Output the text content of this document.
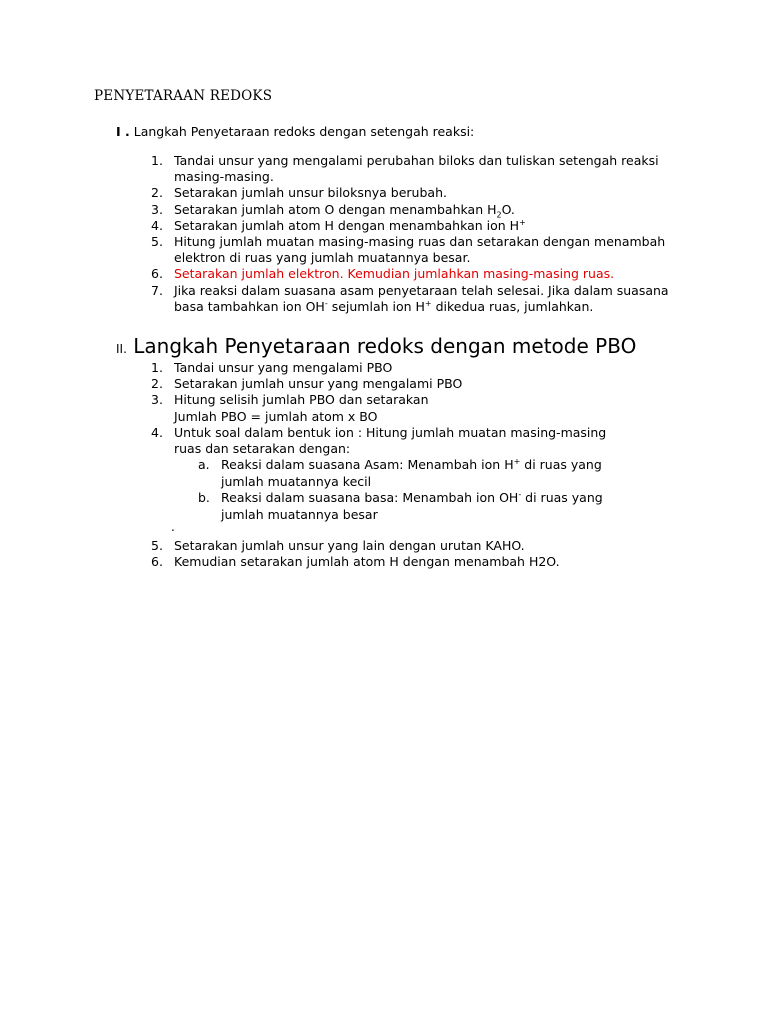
PENYETARAAN REDOKS
I . Langkah Penyetaraan redoks dengan setengah reaksi:
1. Tandai unsur yang mengalami perubahan biloks dan tuliskan setengah reaksi masing-masing.
2. Setarakan jumlah unsur biloksnya berubah.
3. Setarakan jumlah atom O dengan menambahkan $H_2O$.
4. Setarakan jumlah atom H dengan menambahkan ion H+
5. Hitung jumlah muatan masing-masing ruas dan setarakan dengan menambah elektron di ruas yang jumlah muatannya besar.
6. Setarakan jumlah elektron. Kemudian jumlahkan masing-masing ruas.
7. Jika reaksi dalam suasana asam penyetaraan telah selesai. Jika dalam suasana basa tambahkan ion OH- sejumlah ion H+ dikedua ruas, jumlahkan.
II. Langkah Penyetaraan redoks dengan metode PBO
1. Tandai unsur yang mengalami PBO
2. Setarakan jumlah unsur yang mengalami PBO
3. Hitung selisih jumlah PBO dan setarakan
Jumlah PBO = jumlah atom x BO
4. Untuk soal dalam bentuk ion : Hitung jumlah muatan masing-masing ruas dan setarakan dengan:
a. Reaksi dalam suasana Asam: Menambah ion H+ di ruas yang jumlah muatannya kecil
b. Reaksi dalam suasana basa: Menambah ion OH- di ruas yang jumlah muatannya besar
.
5. Setarakan jumlah unsur yang lain dengan urutan KAHO.
6. Kemudian setarakan jumlah atom H dengan menambah H2O.
